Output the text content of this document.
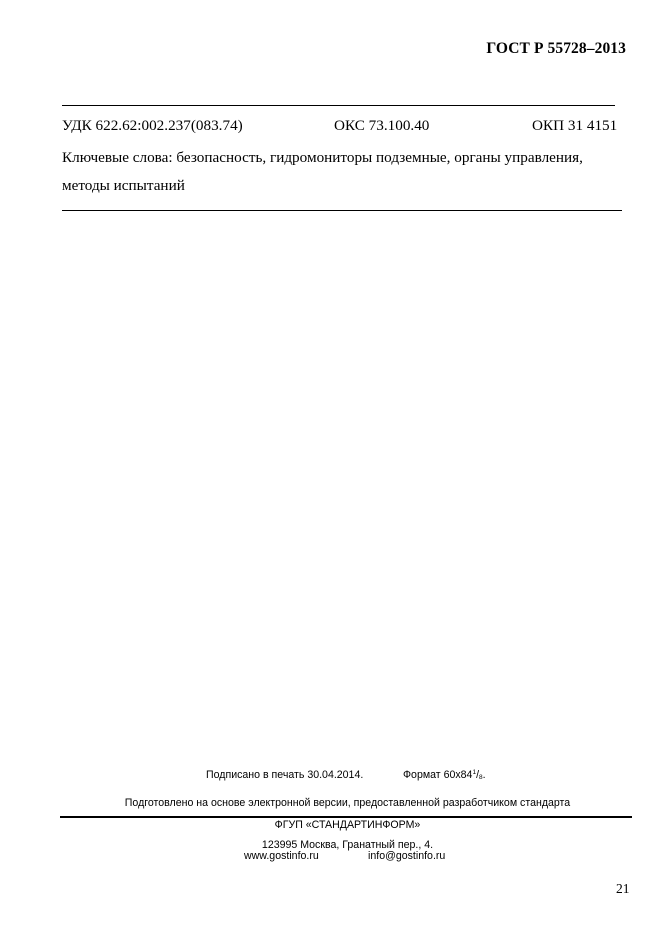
ГОСТ Р 55728–2013
УДК 622.62:002.237(083.74)	ОКС 73.100.40	ОКП 31 4151
Ключевые слова: безопасность, гидромониторы подземные, органы управления, методы испытаний
Подписано в печать 30.04.2014.	Формат $60х84^1/_8$.
Подготовлено на основе электронной версии, предоставленной разработчиком стандарта
ФГУП «СТАНДАРТИНФОРМ»
123995 Москва, Гранатный пер., 4.
www.gostinfo.ru	info@gostinfo.ru
21
